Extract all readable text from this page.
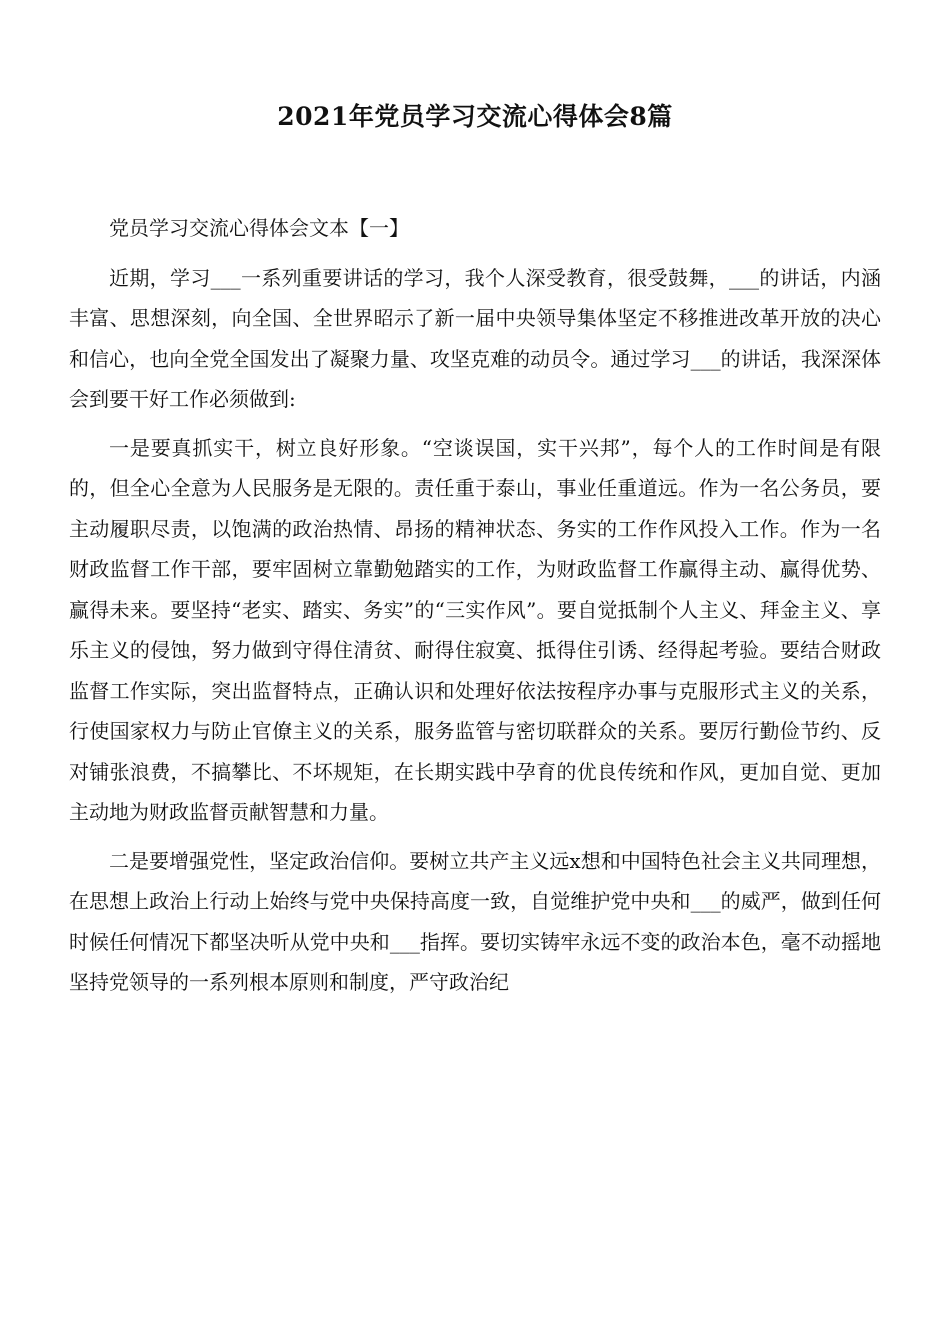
2021年党员学习交流心得体会8篇

党员学习交流心得体会文本【一】

近期，学习___一系列重要讲话的学习，我个人深受教育，很受鼓舞，___的讲话，内涵丰富、思想深刻，向全国、全世界昭示了新一届中央领导集体坚定不移推进改革开放的决心和信心，也向全党全国发出了凝聚力量、攻坚克难的动员令。通过学习___的讲话，我深深体会到要干好工作必须做到:

一是要真抓实干，树立良好形象。“空谈误国，实干兴邦”，每个人的工作时间是有限的，但全心全意为人民服务是无限的。责任重于泰山，事业任重道远。作为一名公务员，要主动履职尽责，以饱满的政治热情、昂扬的精神状态、务实的工作作风投入工作。作为一名财政监督工作干部，要牢固树立靠勤勉踏实的工作，为财政监督工作赢得主动、赢得优势、赢得未来。要坚持“老实、踏实、务实”的“三实作风”。要自觉抵制个人主义、拜金主义、享乐主义的侵蚀，努力做到守得住清贫、耐得住寂寞、抵得住引诱、经得起考验。要结合财政监督工作实际，突出监督特点，正确认识和处理好依法按程序办事与克服形式主义的关系，行使国家权力与防止官僚主义的关系，服务监管与密切联群众的关系。要厉行勤俭节约、反对铺张浪费，不搞攀比、不坏规矩，在长期实践中孕育的优良传统和作风，更加自觉、更加主动地为财政监督贡献智慧和力量。

二是要增强党性，坚定政治信仰。要树立共产主义远x想和中国特色社会主义共同理想，在思想上政治上行动上始终与党中央保持高度一致，自觉维护党中央和___的威严，做到任何时候任何情况下都坚决听从党中央和___指挥。要切实铸牢永远不变的政治本色，毫不动摇地坚持党领导的一系列根本原则和制度，严守政治纪
